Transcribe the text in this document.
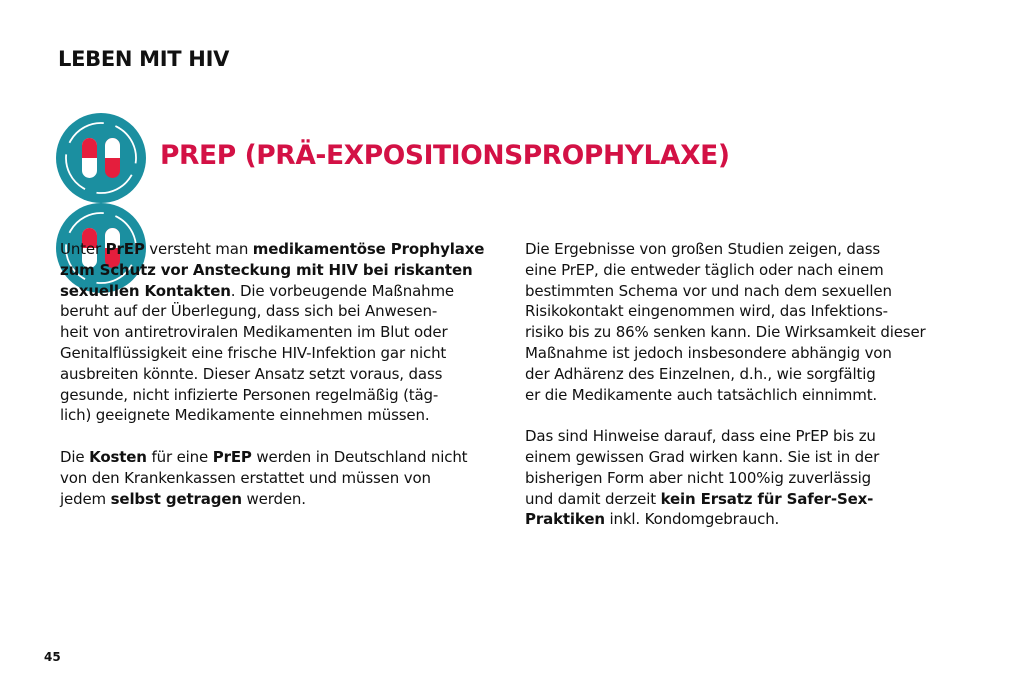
LEBEN MIT HIV
PREP (PRÄ-EXPOSITIONSPROPHYLAXE)
Unter PrEP versteht man medikamentöse Prophylaxe
zum Schutz vor Ansteckung mit HIV bei riskanten
sexuellen Kontakten. Die vorbeugende Maßnahme
beruht auf der Überlegung, dass sich bei Anwesen-
heit von antiretroviralen Medikamenten im Blut oder
Genitalflüssigkeit eine frische HIV-Infektion gar nicht
ausbreiten könnte. Dieser Ansatz setzt voraus, dass
gesunde, nicht infizierte Personen regelmäßig (täg-
lich) geeignete Medikamente einnehmen müssen.
Die Kosten für eine PrEP werden in Deutschland nicht
von den Krankenkassen erstattet und müssen von
jedem selbst getragen werden.
Die Ergebnisse von großen Studien zeigen, dass
eine PrEP, die entweder täglich oder nach einem
bestimmten Schema vor und nach dem sexuellen
Risikokontakt eingenommen wird, das Infektions-
risiko bis zu 86% senken kann. Die Wirksamkeit dieser
Maßnahme ist jedoch insbesondere abhängig von
der Adhärenz des Einzelnen, d.h., wie sorgfältig
er die Medikamente auch tatsächlich einnimmt.
Das sind Hinweise darauf, dass eine PrEP bis zu
einem gewissen Grad wirken kann. Sie ist in der
bisherigen Form aber nicht 100%ig zuverlässig
und damit derzeit kein Ersatz für Safer-Sex-
Praktiken inkl. Kondomgebrauch.
45
